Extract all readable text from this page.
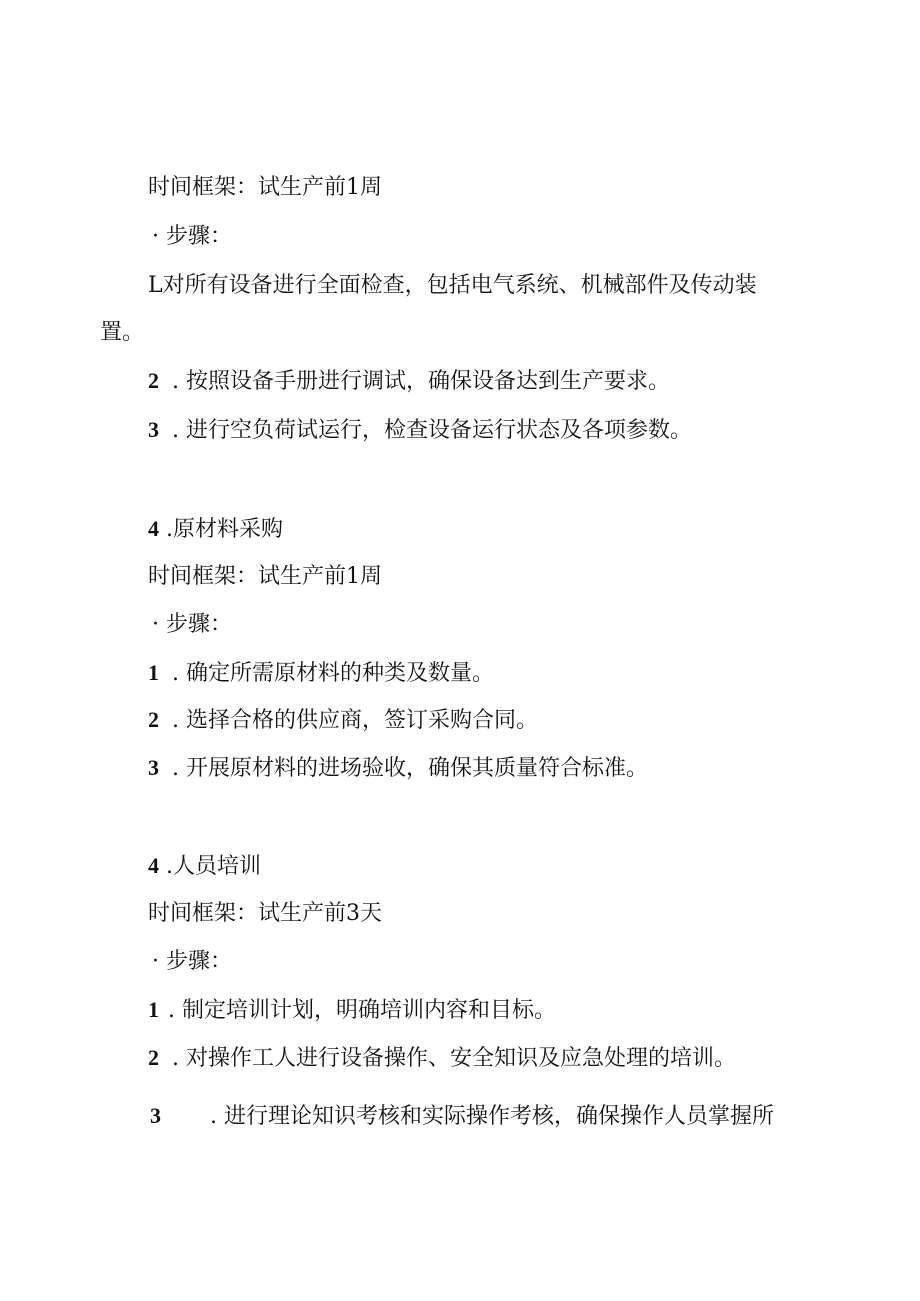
时间框架：试生产前1周
· 步骤：
L对所有设备进行全面检查，包括电气系统、机械部件及传动装
置。
2 . 按照设备手册进行调试，确保设备达到生产要求。
3 . 进行空负荷试运行，检查设备运行状态及各项参数。
4 .原材料采购
时间框架：试生产前1周
· 步骤：
1 . 确定所需原材料的种类及数量。
2 . 选择合格的供应商，签订采购合同。
3 . 开展原材料的进场验收，确保其质量符合标准。
4 .人员培训
时间框架：试生产前3天
· 步骤：
1 . 制定培训计划，明确培训内容和目标。
2 . 对操作工人进行设备操作、安全知识及应急处理的培训。
3 . 进行理论知识考核和实际操作考核，确保操作人员掌握所
